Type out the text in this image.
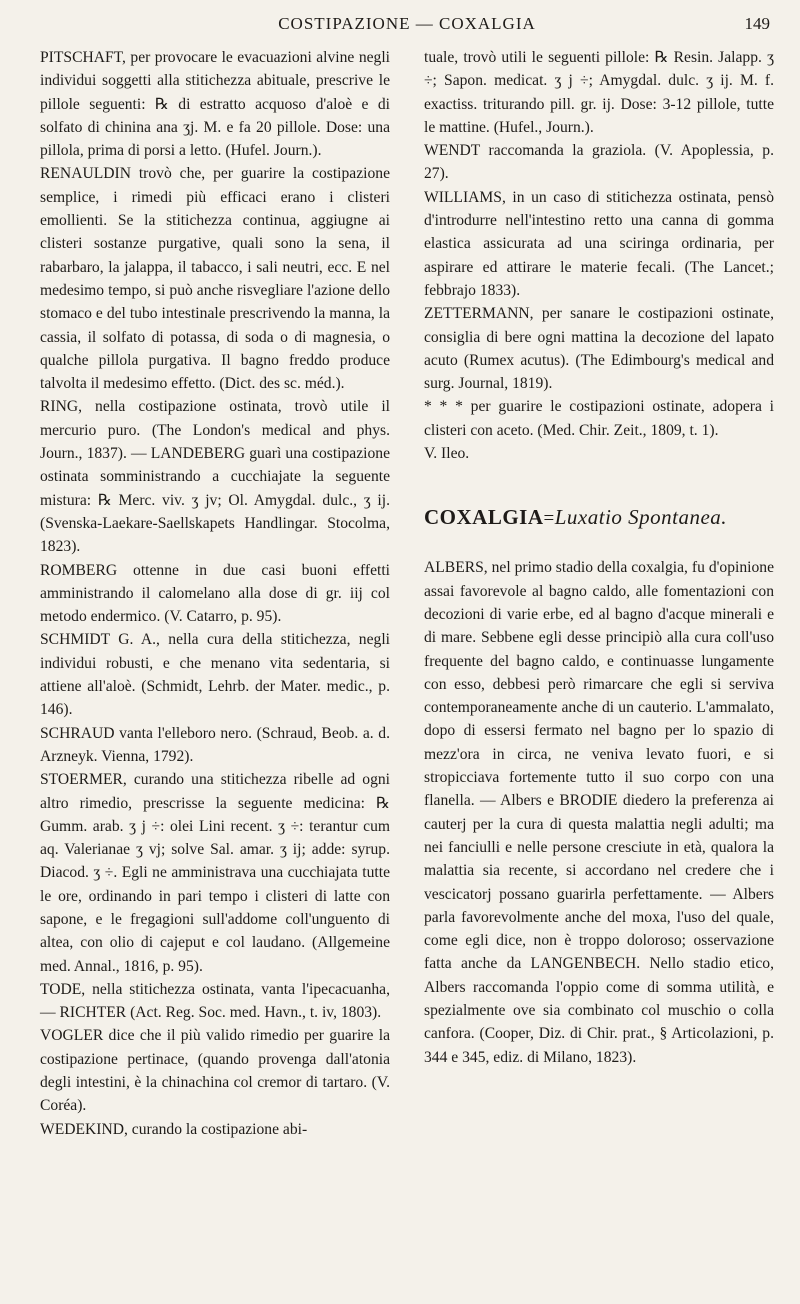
COSTIPAZIONE — COXALGIA	149

PITSCHAFT, per provocare le evacuazioni alvine negli individui soggetti alla stitichezza abituale, prescrive le pillole seguenti: ℞ di estratto acquoso d'aloè e di solfato di chinina ana ʒj. M. e fa 20 pillole. Dose: una pillola, prima di porsi a letto. (Hufel. Journ.).

RENAULDIN trovò che, per guarire la costipazione semplice, i rimedi più efficaci erano i clisteri emollienti. Se la stitichezza continua, aggiugne ai clisteri sostanze purgative, quali sono la sena, il rabarbaro, la jalappa, il tabacco, i sali neutri, ecc. E nel medesimo tempo, si può anche risvegliare l'azione dello stomaco e del tubo intestinale prescrivendo la manna, la cassia, il solfato di potassa, di soda o di magnesia, o qualche pillola purgativa. Il bagno freddo produce talvolta il medesimo effetto. (Dict. des sc. méd.).

RING, nella costipazione ostinata, trovò utile il mercurio puro. (The London's medical and phys. Journ., 1837). — LANDEBERG guarì una costipazione ostinata somministrando a cucchiajate la seguente mistura: ℞ Merc. viv. ʒ jv; Ol. Amygdal. dulc., ʒ ij. (Svenska-Laekare-Saellskapets Handlingar. Stocolma, 1823).

ROMBERG ottenne in due casi buoni effetti amministrando il calomelano alla dose di gr. iij col metodo endermico. (V. Catarro, p. 95).

SCHMIDT G. A., nella cura della stitichezza, negli individui robusti, e che menano vita sedentaria, si attiene all'aloè. (Schmidt, Lehrb. der Mater. medic., p. 146).

SCHRAUD vanta l'elleboro nero. (Schraud, Beob. a. d. Arzneyk. Vienna, 1792).

STOERMER, curando una stitichezza ribelle ad ogni altro rimedio, prescrisse la seguente medicina: ℞ Gumm. arab. ʒ j ÷: olei Lini recent. ʒ ÷: terantur cum aq. Valerianae ʒ vj; solve Sal. amar. ʒ ij; adde: syrup. Diacod. ʒ ÷. Egli ne amministrava una cucchiajata tutte le ore, ordinando in pari tempo i clisteri di latte con sapone, e le fregagioni sull'addome coll'unguento di altea, con olio di cajeput e col laudano. (Allgemeine med. Annal., 1816, p. 95).

TODE, nella stitichezza ostinata, vanta l'ipecacuanha, — RICHTER (Act. Reg. Soc. med. Havn., t. iv, 1803).

VOGLER dice che il più valido rimedio per guarire la costipazione pertinace, (quando provenga dall'atonia degli intestini, è la chinachina col cremor di tartaro. (V. Coréa).

WEDEKIND, curando la costipazione abi-

tuale, trovò utili le seguenti pillole: ℞ Resin. Jalapp. ʒ ÷; Sapon. medicat. ʒ j ÷; Amygdal. dulc. ʒ ij. M. f. exactiss. triturando pill. gr. ij. Dose: 3-12 pillole, tutte le mattine. (Hufel., Journ.).

WENDT raccomanda la graziola. (V. Apoplessia, p. 27).

WILLIAMS, in un caso di stitichezza ostinata, pensò d'introdurre nell'intestino retto una canna di gomma elastica assicurata ad una sciringa ordinaria, per aspirare ed attirare le materie fecali. (The Lancet.; febbrajo 1833).

ZETTERMANN, per sanare le costipazioni ostinate, consiglia di bere ogni mattina la decozione del lapato acuto (Rumex acutus). (The Edimbourg's medical and surg. Journal, 1819).

* * * per guarire le costipazioni ostinate, adopera i clisteri con aceto. (Med. Chir. Zeit., 1809, t. 1).

V. Ileo.

COXALGIA=Luxatio Spontanea.

ALBERS, nel primo stadio della coxalgia, fu d'opinione assai favorevole al bagno caldo, alle fomentazioni con decozioni di varie erbe, ed al bagno d'acque minerali e di mare. Sebbene egli desse principiò alla cura coll'uso frequente del bagno caldo, e continuasse lungamente con esso, debbesi però rimarcare che egli si serviva contemporaneamente anche di un cauterio. L'ammalato, dopo di essersi fermato nel bagno per lo spazio di mezz'ora in circa, ne veniva levato fuori, e si stropicciava fortemente tutto il suo corpo con una flanella. — Albers e BRODIE diedero la preferenza ai cauterj per la cura di questa malattia negli adulti; ma nei fanciulli e nelle persone cresciute in età, qualora la malattia sia recente, si accordano nel credere che i vescicatorj possano guarirla perfettamente. — Albers parla favorevolmente anche del moxa, l'uso del quale, come egli dice, non è troppo doloroso; osservazione fatta anche da LANGENBECH. Nello stadio etico, Albers raccomanda l'oppio come di somma utilità, e spezialmente ove sia combinato col muschio o colla canfora. (Cooper, Diz. di Chir. prat., § Articolazioni, p. 344 e 345, ediz. di Milano, 1823).
